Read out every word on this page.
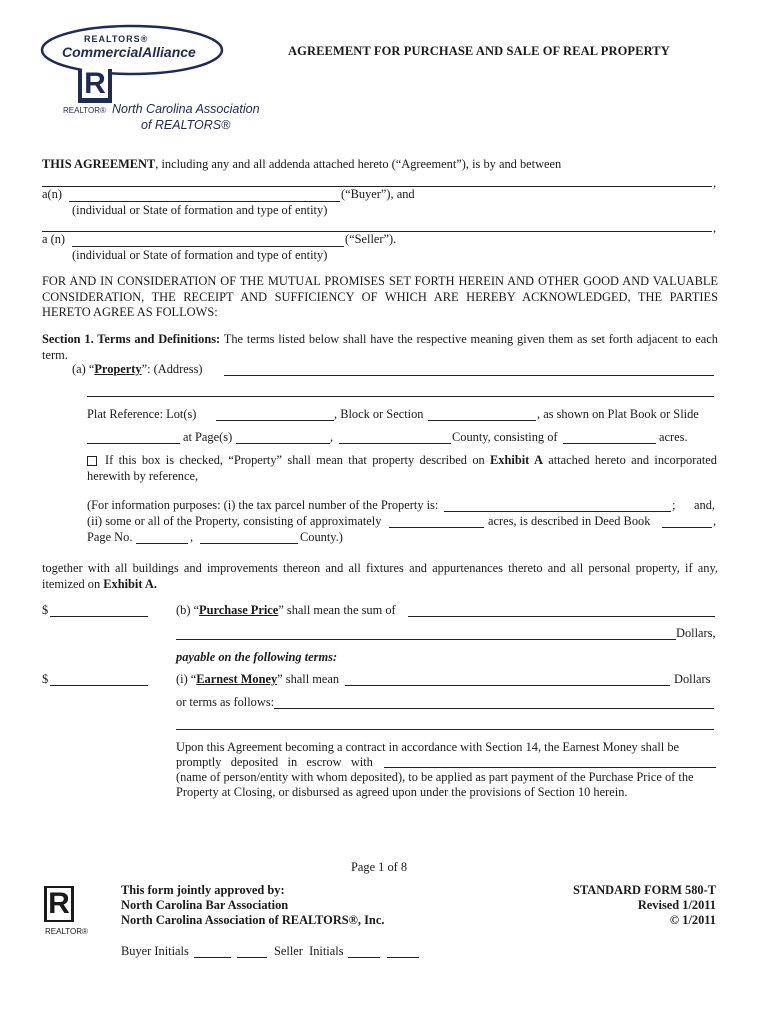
REALTORS®
CommercialAlliance
R
REALTOR® North Carolina Association
of REALTORS®
AGREEMENT FOR PURCHASE AND SALE OF REAL PROPERTY
THIS AGREEMENT, including any and all addenda attached hereto (“Agreement”), is by and between
,
a(n)	(“Buyer”), and
(individual or State of formation and type of entity)
,
a (n)	(“Seller”).
(individual or State of formation and type of entity)

FOR AND IN CONSIDERATION OF THE MUTUAL PROMISES SET FORTH HEREIN AND OTHER GOOD AND VALUABLE CONSIDERATION, THE RECEIPT AND SUFFICIENCY OF WHICH ARE HEREBY ACKNOWLEDGED, THE PARTIES HERETO AGREE AS FOLLOWS:

Section 1. Terms and Definitions: The terms listed below shall have the respective meaning given them as set forth adjacent to each term.

(a) “Property”: (Address)
Plat Reference: Lot(s)	, Block or Section	, as shown on Plat Book or Slide
at Page(s)	,	County, consisting of	acres.

If this box is checked, “Property” shall mean that property described on Exhibit A attached hereto and incorporated herewith by reference,

(For information purposes: (i) the tax parcel number of the Property is:	;      and,
(ii) some or all of the Property, consisting of approximately	acres, is described in Deed Book	,
Page No.	,	County.)

together with all buildings and improvements thereon and all fixtures and appurtenances thereto and all personal property, if any, itemized on Exhibit A.

$	(b) “Purchase Price” shall mean the sum of
Dollars,
payable on the following terms:
$	(i) “Earnest Money” shall mean	Dollars
or terms as follows:
Upon this Agreement becoming a contract in accordance with Section 14, the Earnest Money shall be
promptly   deposited   in   escrow   with
(name of person/entity with whom deposited), to be applied as part payment of the Purchase Price of the
Property at Closing, or disbursed as agreed upon under the provisions of Section 10 herein.
Page 1 of 8
R
REALTOR®
This form jointly approved by:
North Carolina Bar Association
North Carolina Association of REALTORS®, Inc.
STANDARD FORM 580-T
Revised 1/2011
© 1/2011
Buyer Initials	Seller  Initials
